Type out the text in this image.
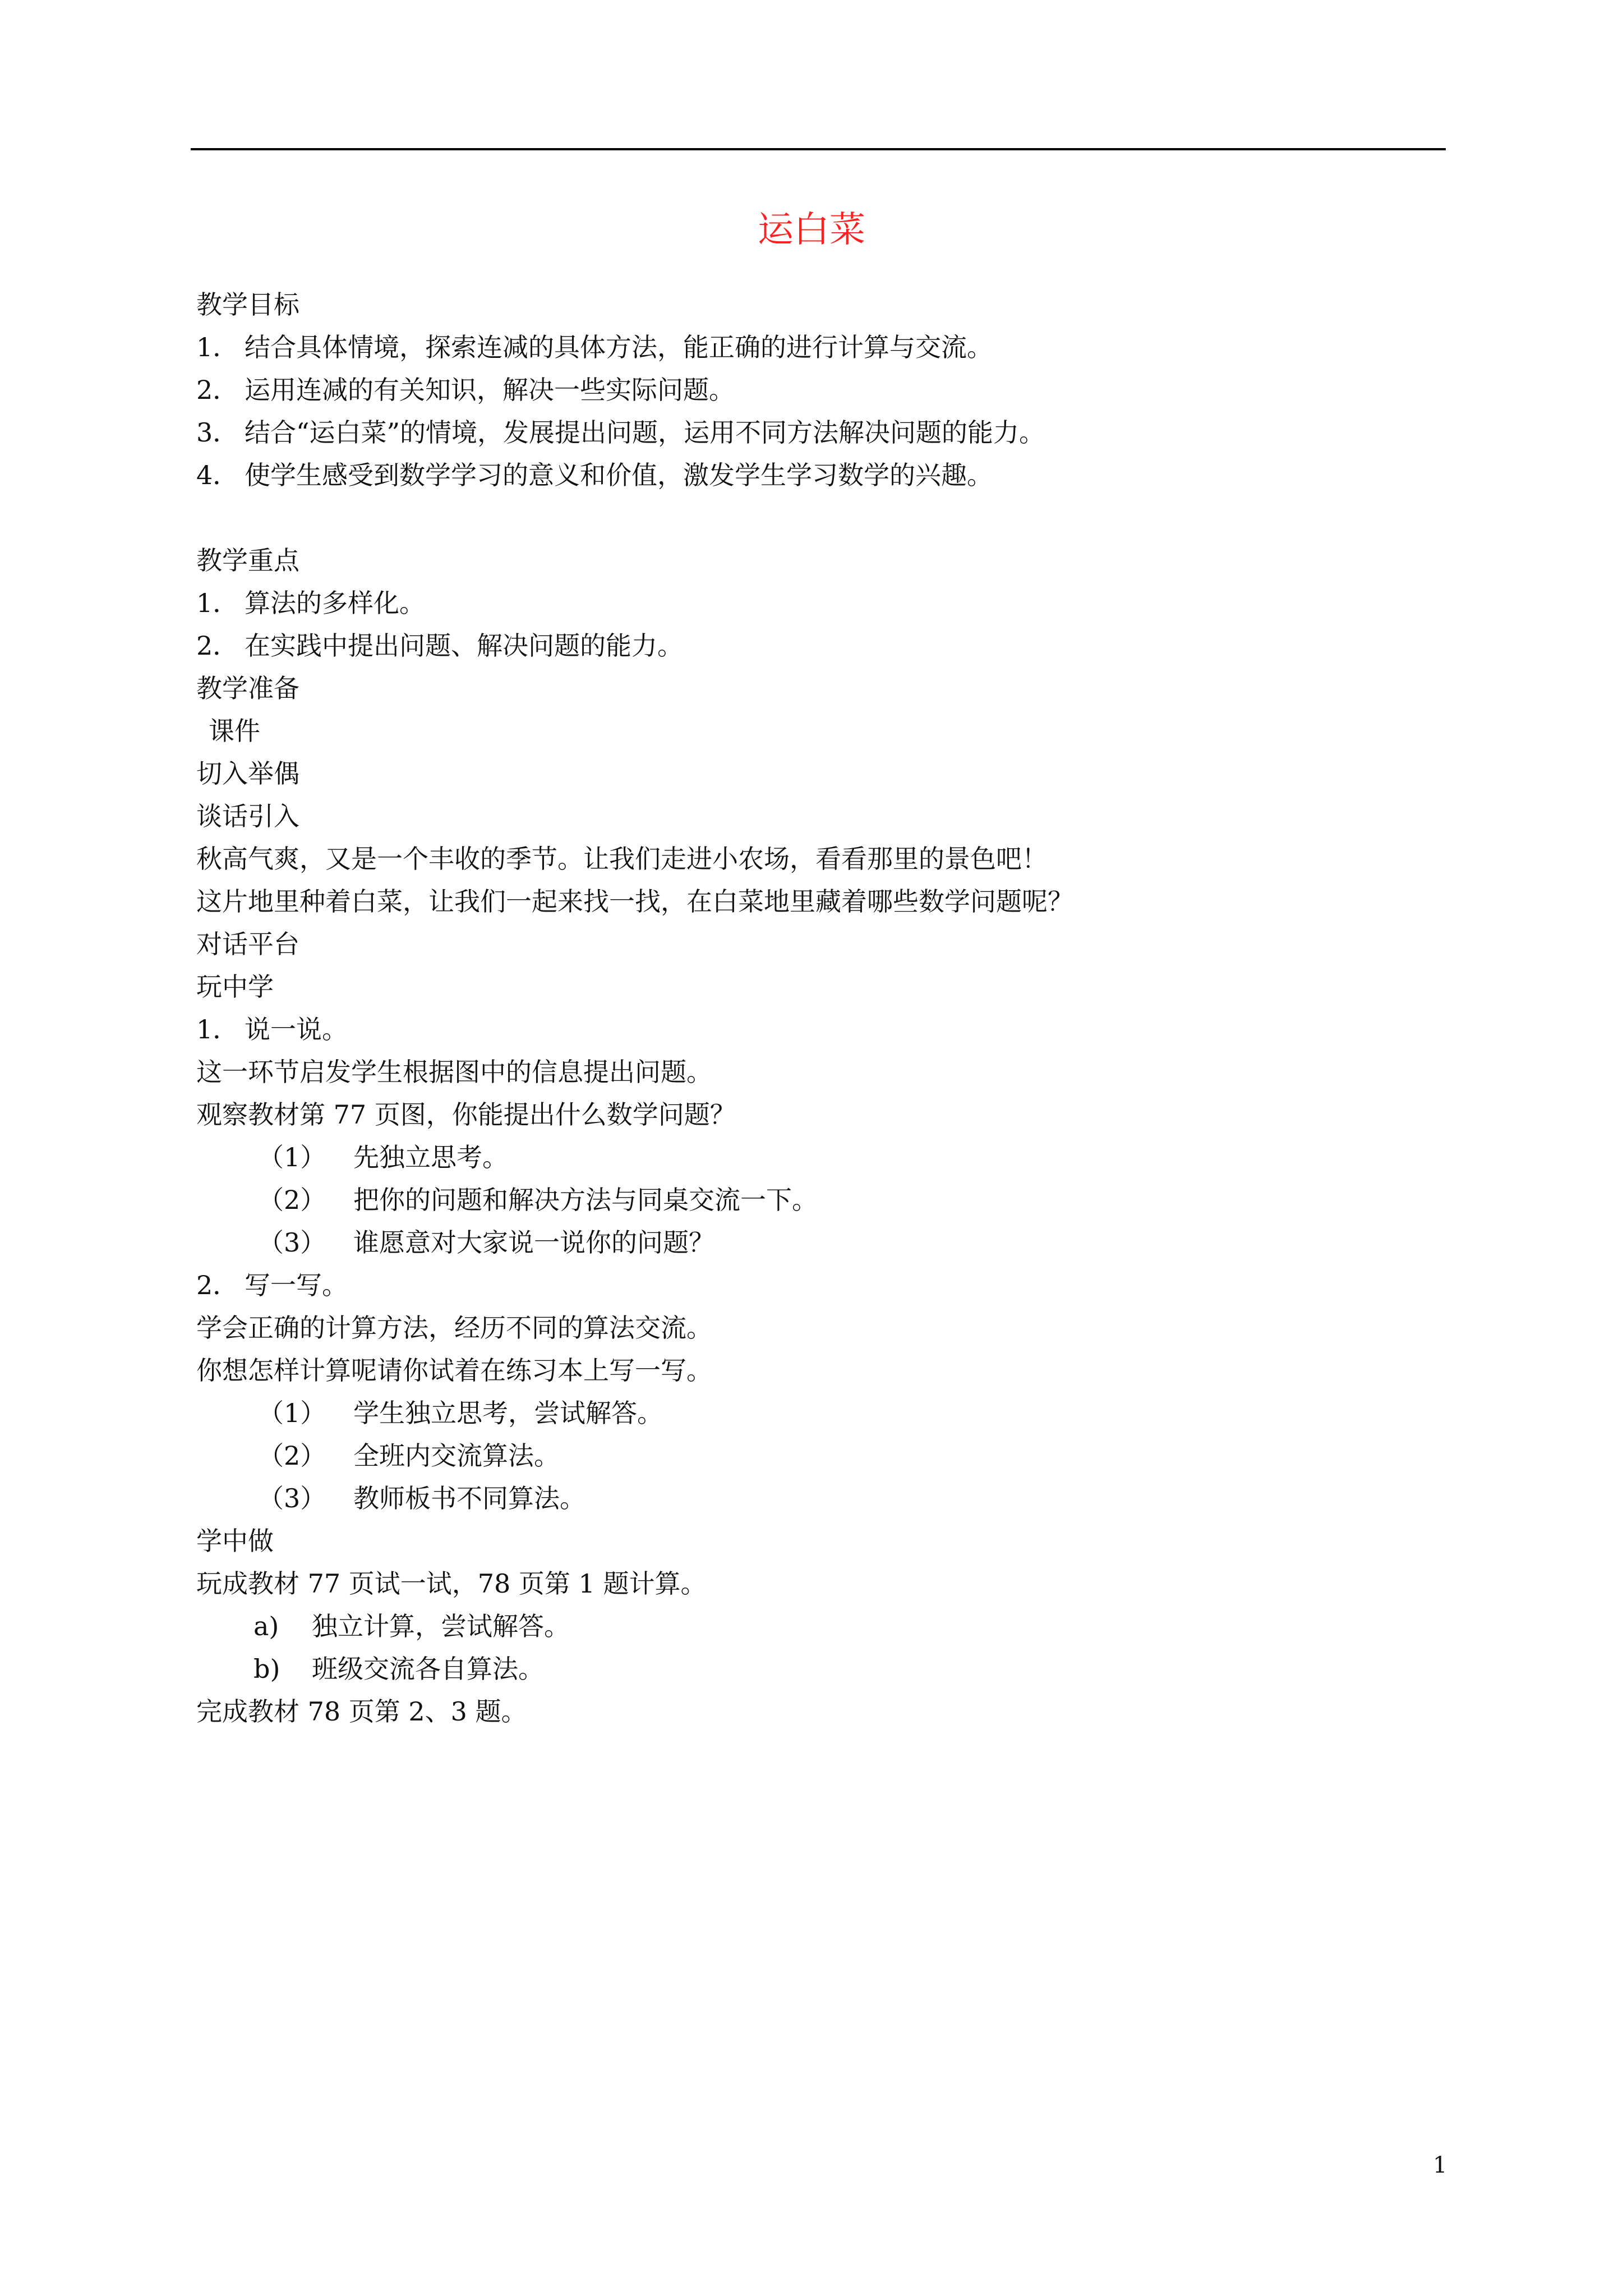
运白菜
教学目标
1． 结合具体情境，探索连减的具体方法，能正确的进行计算与交流。
2． 运用连减的有关知识，解决一些实际问题。
3． 结合“运白菜”的情境，发展提出问题，运用不同方法解决问题的能力。
4． 使学生感受到数学学习的意义和价值，激发学生学习数学的兴趣。
教学重点
1． 算法的多样化。
2． 在实践中提出问题、解决问题的能力。
教学准备
课件
切入举偶
谈话引入
秋高气爽，又是一个丰收的季节。让我们走进小农场，看看那里的景色吧！
这片地里种着白菜，让我们一起来找一找，在白菜地里藏着哪些数学问题呢？
对话平台
玩中学
1． 说一说。
这一环节启发学生根据图中的信息提出问题。
观察教材第 77 页图，你能提出什么数学问题？
（1） 先独立思考。
（2） 把你的问题和解决方法与同桌交流一下。
（3） 谁愿意对大家说一说你的问题？
2． 写一写。
学会正确的计算方法，经历不同的算法交流。
你想怎样计算呢请你试着在练习本上写一写。
（1） 学生独立思考，尝试解答。
（2） 全班内交流算法。
（3） 教师板书不同算法。
学中做
玩成教材 77 页试一试，78 页第 1 题计算。
a) 独立计算，尝试解答。
b) 班级交流各自算法。
完成教材 78 页第 2、3 题。
1
